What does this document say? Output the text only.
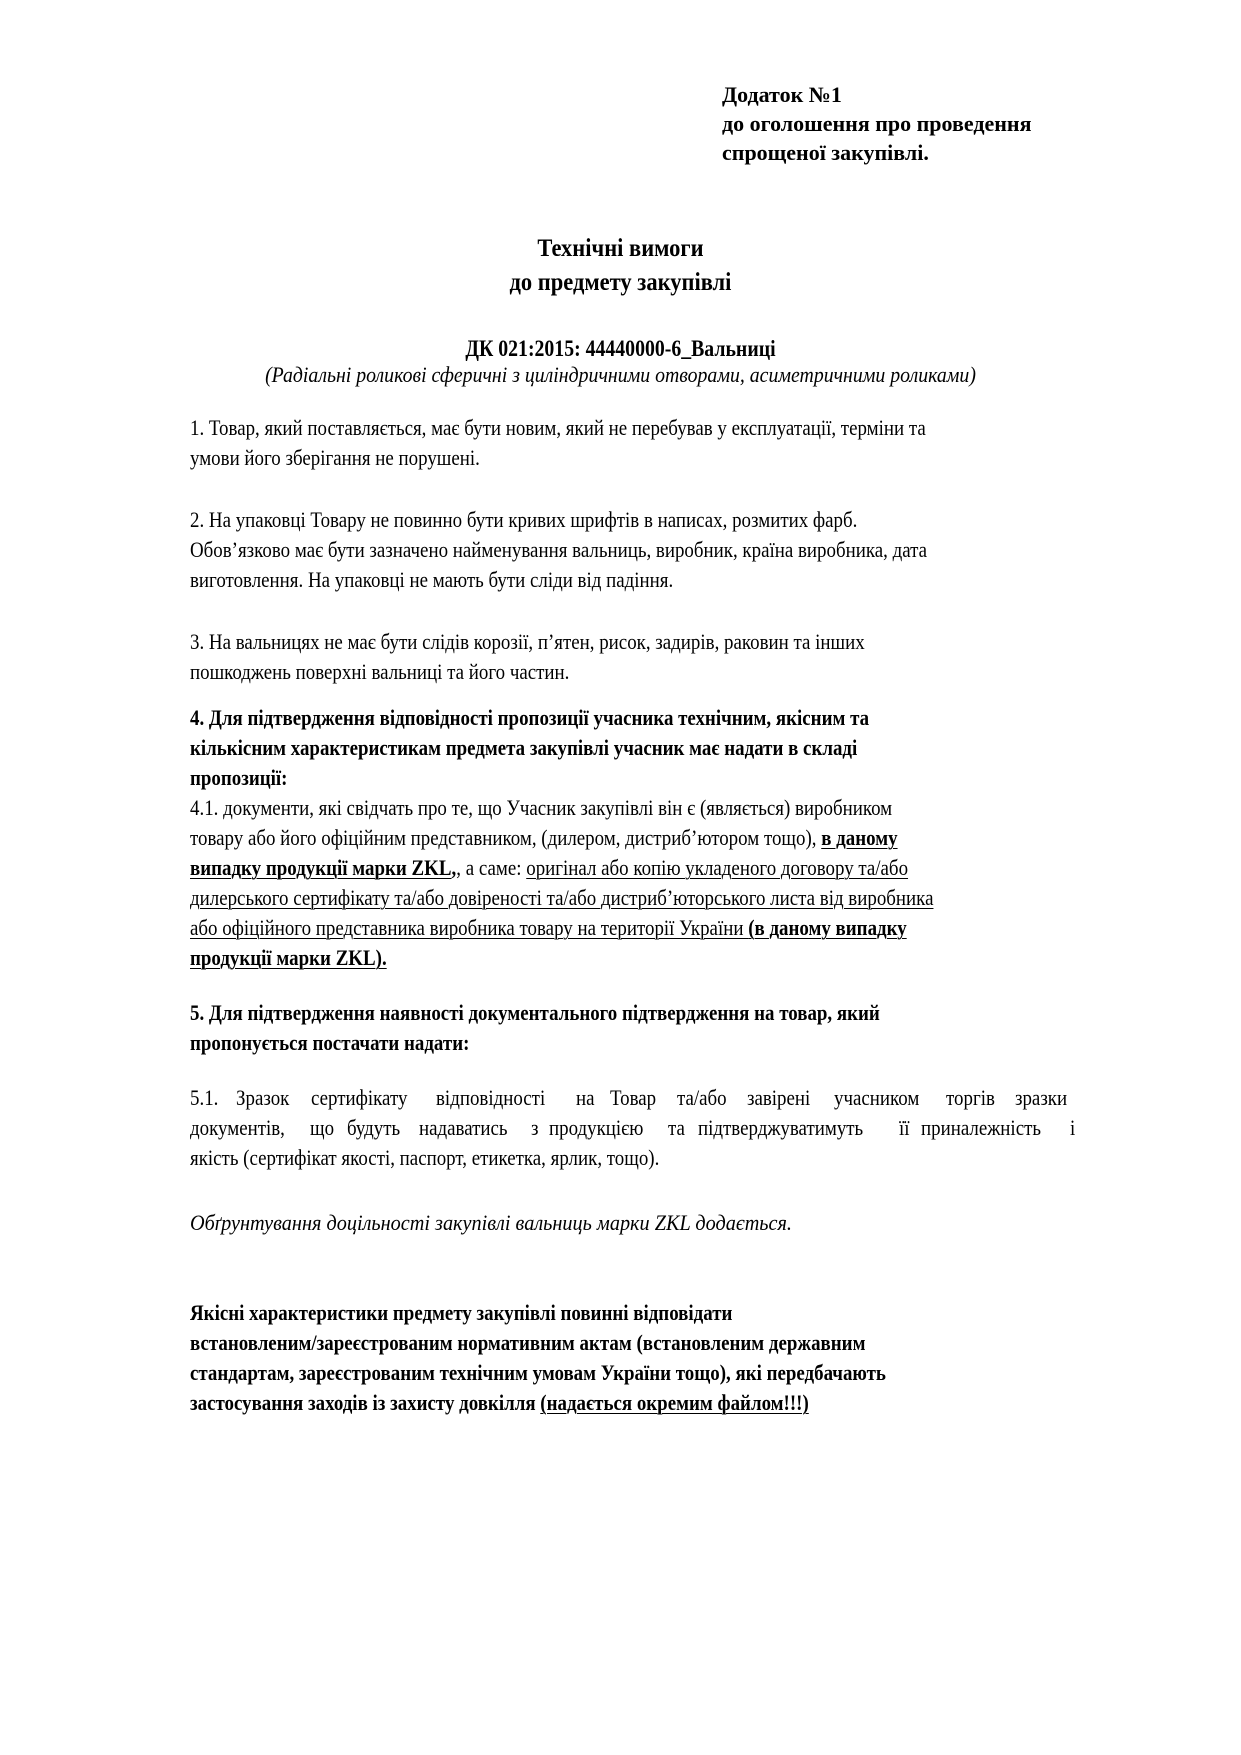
Додаток №1
до оголошення про проведення
спрощеної закупівлі.
Технічні вимоги
до предмету закупівлі
ДК 021:2015: 44440000-6_Вальниці
(Радіальні роликові сферичні з циліндричними отворами, асиметричними роликами)
1. Товар, який поставляється, має бути новим, який не перебував у експлуатації, терміни та
умови його зберігання не порушені.
2. На упаковці Товару не повинно бути кривих шрифтів в написах, розмитих фарб.
Обов’язково має бути зазначено найменування вальниць, виробник, країна виробника, дата
виготовлення. На упаковці не мають бути сліди від падіння.
3. На вальницях не має бути слідів корозії, п’ятен, рисок, задирів, раковин та інших
пошкоджень поверхні вальниці та його частин.
4. Для підтвердження відповідності пропозиції учасника технічним, якісним та
кількісним характеристикам предмета закупівлі учасник має надати в складі
пропозиції:
4.1. документи, які свідчать про те, що Учасник закупівлі він є (являється) виробником
товару або його офіційним представником, (дилером, дистриб’ютором тощо), в даному
випадку продукції марки ZKL,, а саме: оригінал або копію укладеного договору та/або
дилерського сертифікату та/або довіреності та/або дистриб’юторського листа від виробника
або офіційного представника виробника товару на території України (в даному випадку
продукції марки ZKL).
5. Для підтвердження наявності документального підтвердження на товар, який
пропонується постачати надати:
5.1. Зразок сертифікату відповідності на Товар та/або завірені учасником торгів зразки
документів, що будуть надаватись з продукцією та підтверджуватимуть її приналежність і
якість (сертифікат якості, паспорт, етикетка, ярлик, тощо).
Обґрунтування доцільності закупівлі вальниць марки ZKL додається.
Якісні характеристики предмету закупівлі повинні відповідати
встановленим/зареєстрованим нормативним актам (встановленим державним
стандартам, зареєстрованим технічним умовам України тощо), які передбачають
застосування заходів із захисту довкілля (надається окремим файлом!!!)
